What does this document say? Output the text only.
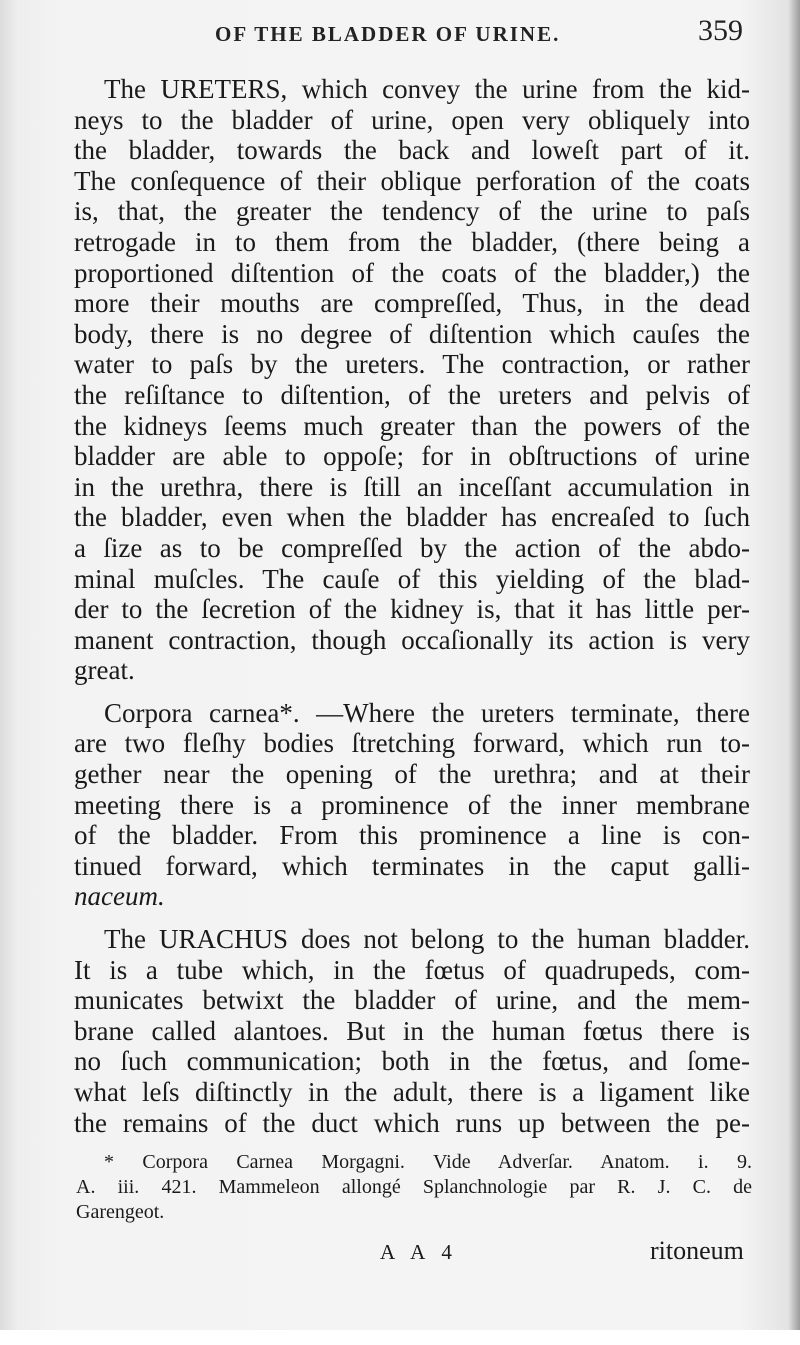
OF THE BLADDER OF URINE.	359
The URETERS, which convey the urine from the kid-
neys to the bladder of urine, open very obliquely into
the bladder, towards the back and loweſt part of it.
The conſequence of their oblique perforation of the coats
is, that, the greater the tendency of the urine to paſs
retrogade in to them from the bladder, (there being a
proportioned diſtention of the coats of the bladder,) the
more their mouths are compreſſed, Thus, in the dead
body, there is no degree of diſtention which cauſes the
water to paſs by the ureters. The contraction, or rather
the reſiſtance to diſtention, of the ureters and pelvis of
the kidneys ſeems much greater than the powers of the
bladder are able to oppoſe; for in obſtructions of urine
in the urethra, there is ſtill an inceſſant accumulation in
the bladder, even when the bladder has encreaſed to ſuch
a ſize as to be compreſſed by the action of the abdo-
minal muſcles. The cauſe of this yielding of the blad-
der to the ſecretion of the kidney is, that it has little per-
manent contraction, though occaſionally its action is very
great.
Corpora carnea*. —Where the ureters terminate, there
are two fleſhy bodies ſtretching forward, which run to-
gether near the opening of the urethra; and at their
meeting there is a prominence of the inner membrane
of the bladder. From this prominence a line is con-
tinued forward, which terminates in the caput galli-
naceum.
The URACHUS does not belong to the human bladder.
It is a tube which, in the fœtus of quadrupeds, com-
municates betwixt the bladder of urine, and the mem-
brane called alantoes. But in the human fœtus there is
no ſuch communication; both in the fœtus, and ſome-
what leſs diſtinctly in the adult, there is a ligament like
the remains of the duct which runs up between the pe-
* Corpora Carnea Morgagni. Vide Adverſar. Anatom. i. 9.
A. iii. 421. Mammeleon allongé Splanchnologie par R. J. C. de
Garengeot.
A A 4	ritoneum
